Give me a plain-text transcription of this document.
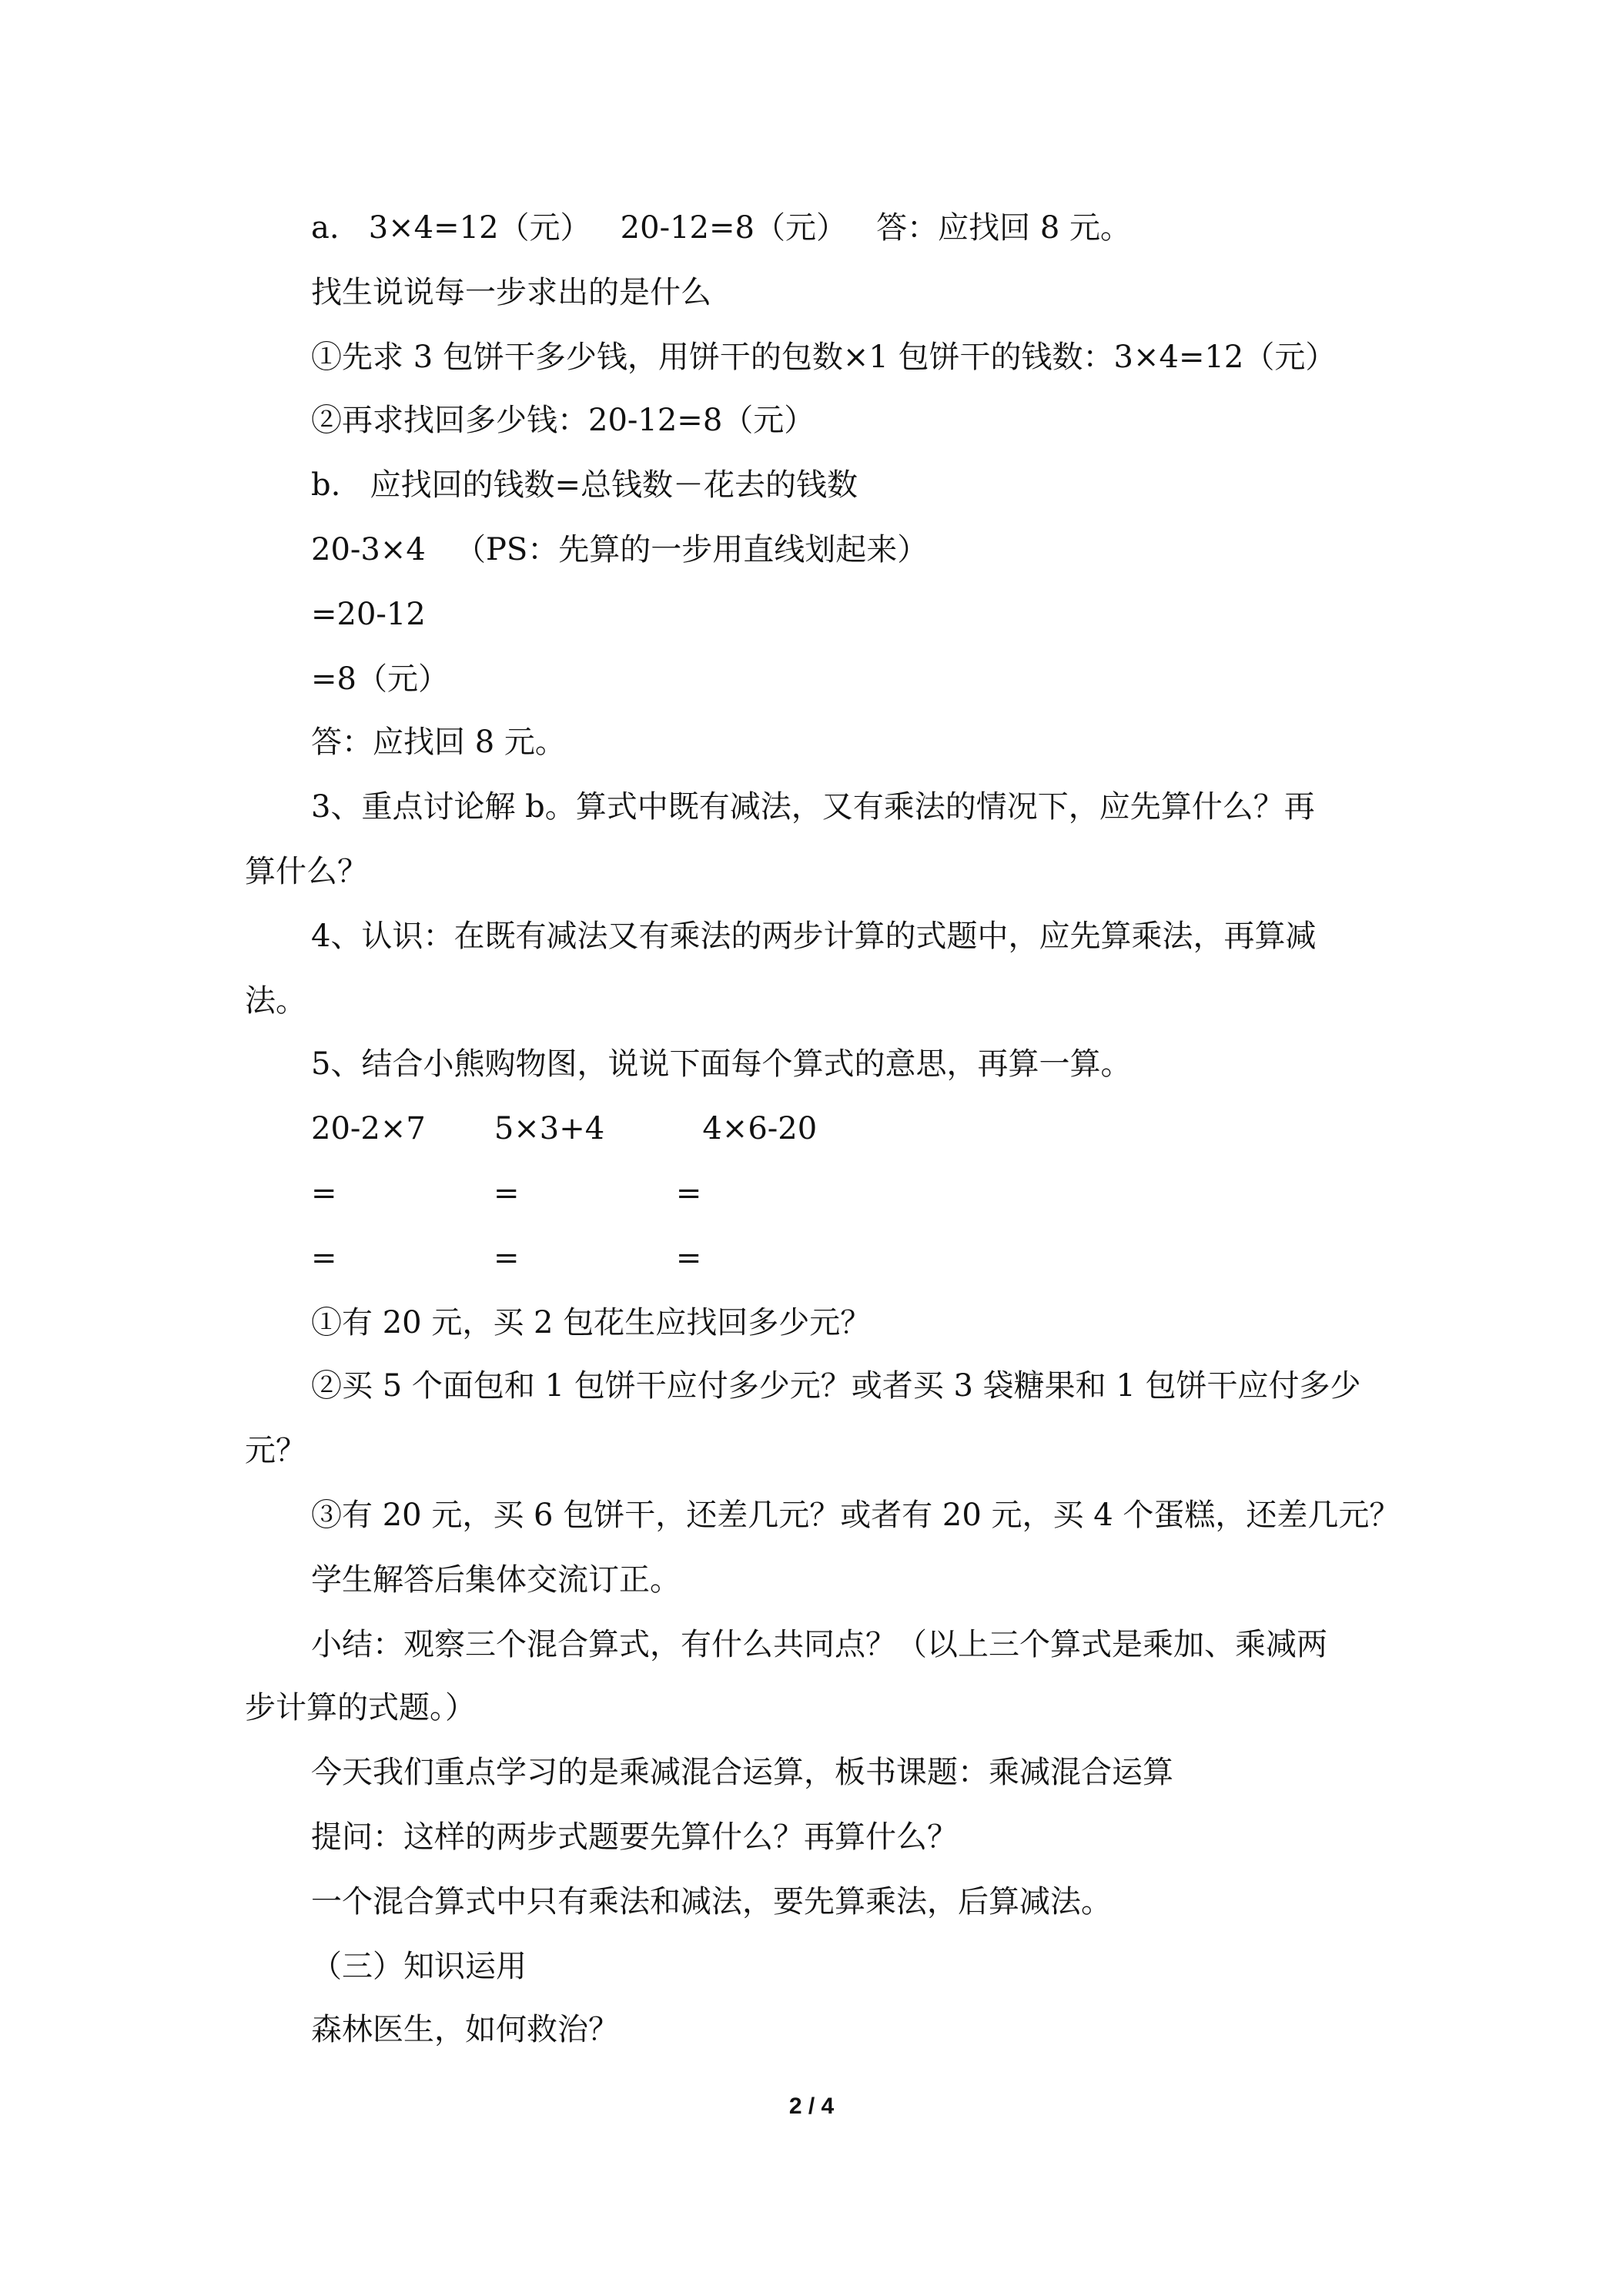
a.   3×4=12（元）   20-12=8（元）   答：应找回 8 元。
找生说说每一步求出的是什么
①先求 3 包饼干多少钱，用饼干的包数×1 包饼干的钱数：3×4=12（元）
②再求找回多少钱：20-12=8（元）
b.   应找回的钱数=总钱数－花去的钱数
20-3×4   （PS：先算的一步用直线划起来）
=20-12
=8（元）
答：应找回 8 元。
3、重点讨论解 b。算式中既有减法，又有乘法的情况下，应先算什么？再
算什么？
4、认识：在既有减法又有乘法的两步计算的式题中，应先算乘法，再算减
法。
5、结合小熊购物图，说说下面每个算式的意思，再算一算。
20-2×7       5×3+4          4×6-20
=                =                =
=                =                =
①有 20 元，买 2 包花生应找回多少元？
②买 5 个面包和 1 包饼干应付多少元？或者买 3 袋糖果和 1 包饼干应付多少
元？
③有 20 元，买 6 包饼干，还差几元？或者有 20 元，买 4 个蛋糕，还差几元？
学生解答后集体交流订正。
小结：观察三个混合算式，有什么共同点？（以上三个算式是乘加、乘减两
步计算的式题。）
今天我们重点学习的是乘减混合运算，板书课题：乘减混合运算
提问：这样的两步式题要先算什么？再算什么？
一个混合算式中只有乘法和减法，要先算乘法，后算减法。
（三）知识运用
森林医生，如何救治？
2 / 4
